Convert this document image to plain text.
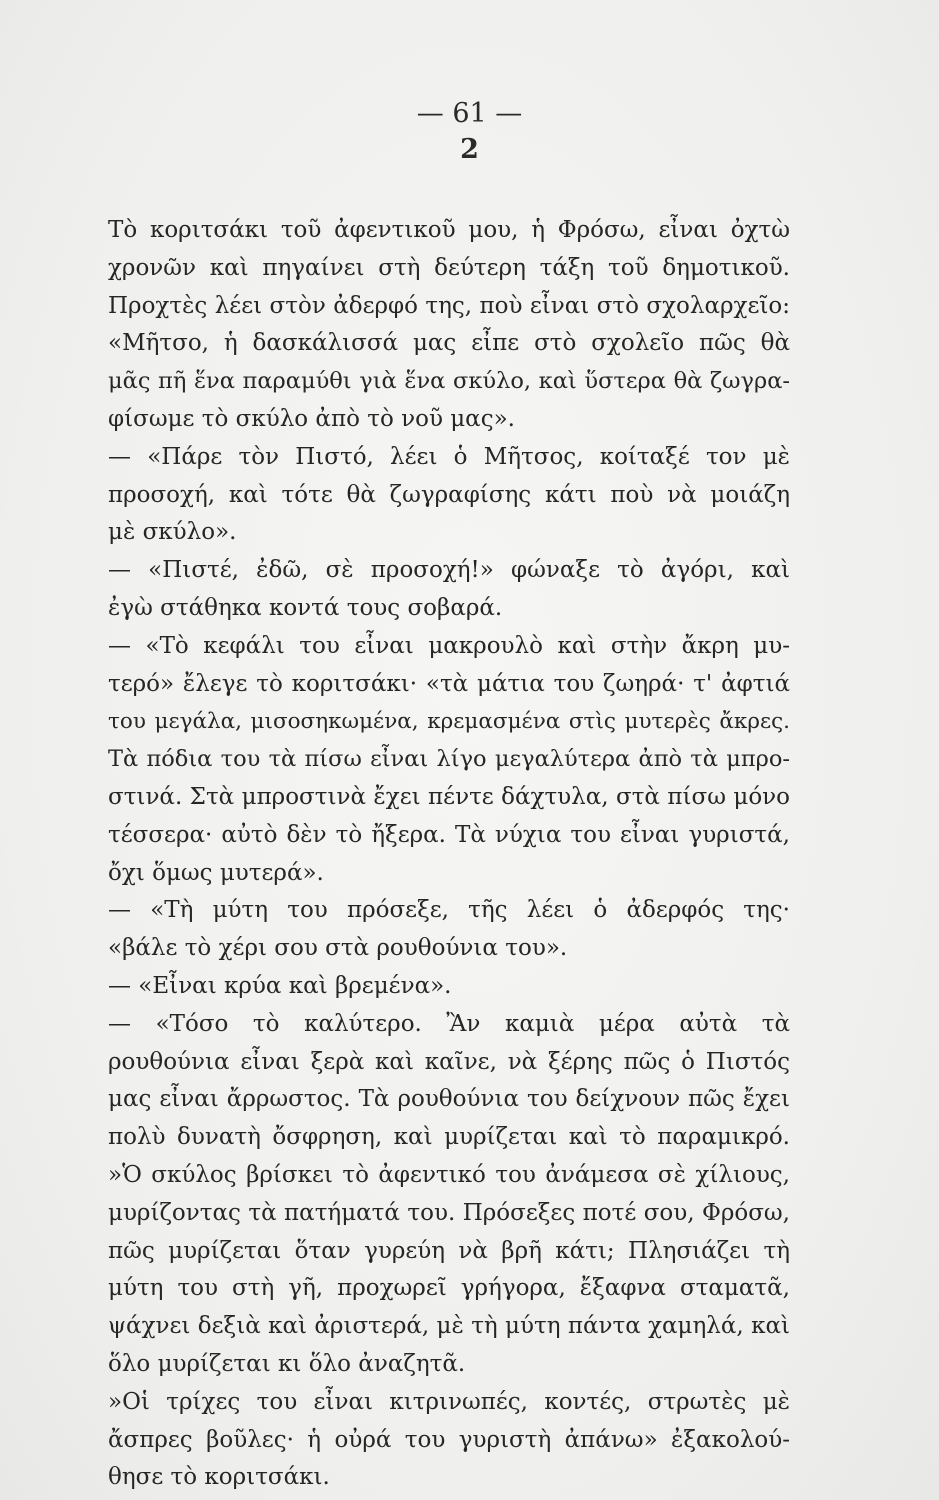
— 61 —
2
Τὸ κοριτσάκι τοῦ ἀφεντικοῦ μου, ἡ Φρόσω, εἶναι ὀχτὼ
χρονῶν καὶ πηγαίνει στὴ δεύτερη τάξη τοῦ δημοτικοῦ.
Προχτὲς λέει στὸν ἀδερφό της, ποὺ εἶναι στὸ σχολαρχεῖο:
«Μῆτσο, ἡ δασκάλισσά μας εἶπε στὸ σχολεῖο πῶς θὰ
μᾶς πῆ ἕνα παραμύθι γιὰ ἕνα σκύλο, καὶ ὕστερα θὰ ζωγρα-
φίσωμε τὸ σκύλο ἀπὸ τὸ νοῦ μας».
— «Πάρε τὸν Πιστό, λέει ὁ Μῆτσος, κοίταξέ τον μὲ
προσοχή, καὶ τότε θὰ ζωγραφίσης κάτι ποὺ νὰ μοιάζη
μὲ σκύλο».
— «Πιστέ, ἐδῶ, σὲ προσοχή!» φώναξε τὸ ἀγόρι, καὶ
ἐγὼ στάθηκα κοντά τους σοβαρά.
— «Τὸ κεφάλι του εἶναι μακρουλὸ καὶ στὴν ἄκρη μυ-
τερό» ἔλεγε τὸ κοριτσάκι· «τὰ μάτια του ζωηρά· τ' ἀφτιά
του μεγάλα, μισοσηκωμένα, κρεμασμένα στὶς μυτερὲς ἄκρες.
Τὰ πόδια του τὰ πίσω εἶναι λίγο μεγαλύτερα ἀπὸ τὰ μπρο-
στινά. Στὰ μπροστινὰ ἔχει πέντε δάχτυλα, στὰ πίσω μόνο
τέσσερα· αὐτὸ δὲν τὸ ἤξερα. Τὰ νύχια του εἶναι γυριστά,
ὄχι ὅμως μυτερά».
— «Τὴ μύτη του πρόσεξε, τῆς λέει ὁ ἀδερφός της·
«βάλε τὸ χέρι σου στὰ ρουθούνια του».
— «Εἶναι κρύα καὶ βρεμένα».
— «Τόσο τὸ καλύτερο. Ἂν καμιὰ μέρα αὐτὰ τὰ
ρουθούνια εἶναι ξερὰ καὶ καῖνε, νὰ ξέρης πῶς ὁ Πιστός
μας εἶναι ἄρρωστος. Τὰ ρουθούνια του δείχνουν πῶς ἔχει
πολὺ δυνατὴ ὄσφρηση, καὶ μυρίζεται καὶ τὸ παραμικρό.
»Ὁ σκύλος βρίσκει τὸ ἀφεντικό του ἀνάμεσα σὲ χίλιους,
μυρίζοντας τὰ πατήματά του. Πρόσεξες ποτέ σου, Φρόσω,
πῶς μυρίζεται ὅταν γυρεύη νὰ βρῆ κάτι; Πλησιάζει τὴ
μύτη του στὴ γῆ, προχωρεῖ γρήγορα, ἔξαφνα σταματᾶ,
ψάχνει δεξιὰ καὶ ἀριστερά, μὲ τὴ μύτη πάντα χαμηλά, καὶ
ὅλο μυρίζεται κι ὅλο ἀναζητᾶ.
»Οἱ τρίχες του εἶναι κιτρινωπές, κοντές, στρωτὲς μὲ
ἄσπρες βοῦλες· ἡ οὐρά του γυριστὴ ἀπάνω» ἐξακολού-
θησε τὸ κοριτσάκι.
